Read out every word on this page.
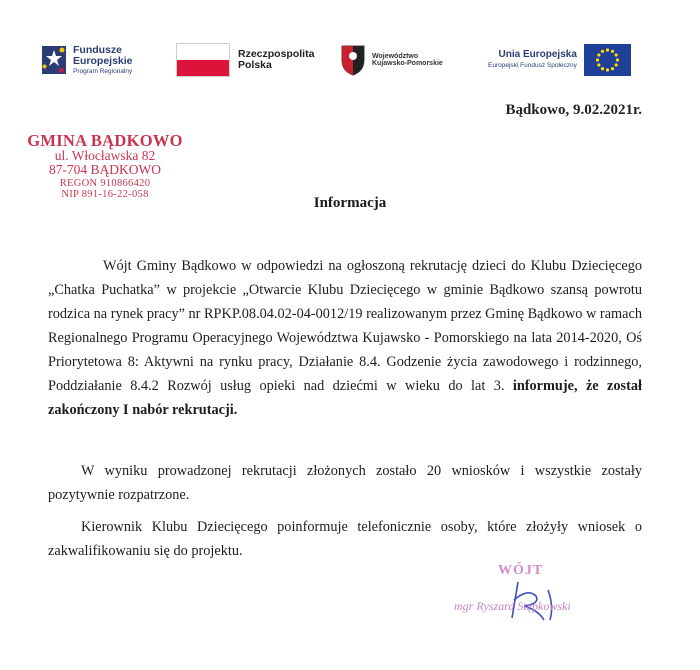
Fundusze
Europejskie
Program Regionalny
Rzeczpospolita
Polska
Województwo
Kujawsko-Pomorskie
Unia Europejska
Europejski Fundusz Społeczny
Bądkowo, 9.02.2021r.
GMINA BĄDKOWO
ul. Włocławska 82
87-704 BĄDKOWO
REGON 910866420
NIP 891-16-22-058
Informacja

Wójt Gminy Bądkowo w odpowiedzi na ogłoszoną rekrutację dzieci do Klubu Dziecięcego „Chatka Puchatka” w projekcie „Otwarcie Klubu Dziecięcego w gminie Bądkowo szansą powrotu rodzica na rynek pracy” nr RPKP.08.04.02-04-0012/19 realizowanym przez Gminę Bądkowo w ramach Regionalnego Programu Operacyjnego Województwa Kujawsko - Pomorskiego na lata 2014-2020, Oś Priorytetowa 8: Aktywni na rynku pracy, Działanie 8.4. Godzenie życia zawodowego i rodzinnego, Poddziałanie 8.4.2 Rozwój usług opieki nad dziećmi w wieku do lat 3. informuje, że został zakończony I nabór rekrutacji.

W wyniku prowadzonej rekrutacji złożonych zostało 20 wniosków i wszystkie zostały pozytywnie rozpatrzone.

Kierownik Klubu Dziecięcego poinformuje telefonicznie osoby, które złożyły wniosek o zakwalifikowaniu się do projektu.

WÓJT
mgr Ryszard Stępkowski
